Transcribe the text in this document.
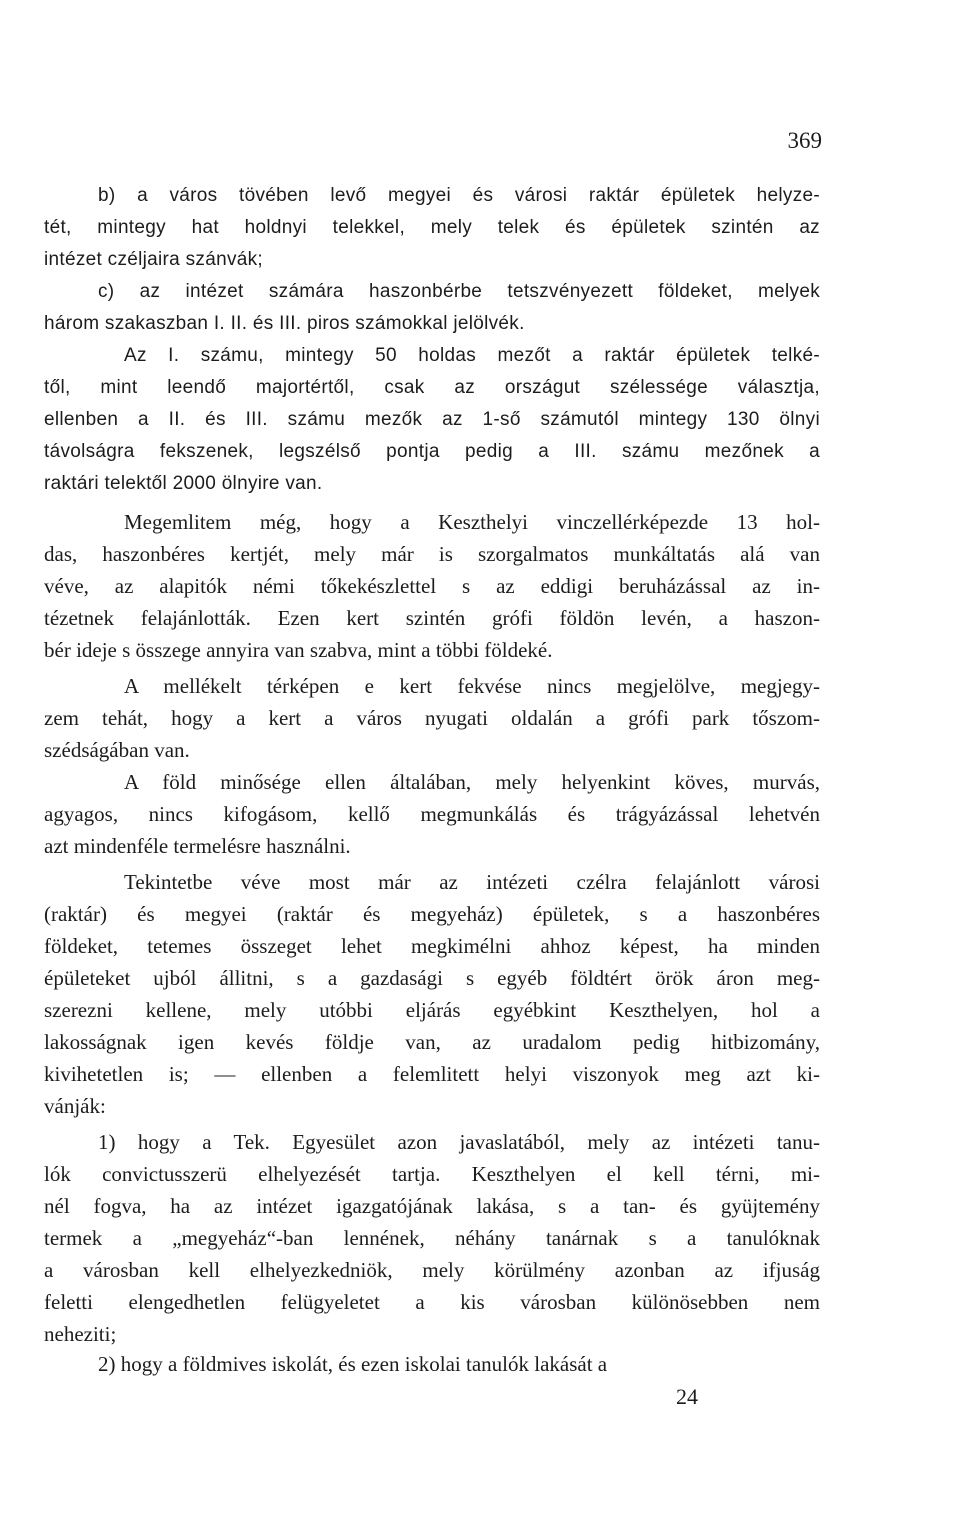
369
b) a város tövében levő megyei és városi raktár épületek helyze-
tét, mintegy hat holdnyi telekkel, mely telek és épületek szintén az
intézet czéljaira szánvák;
c) az intézet számára haszonbérbe tetszvényezett földeket, melyek
három szakaszban I. II. és III. piros számokkal jelölvék.
Az I. számu, mintegy 50 holdas mezőt a raktár épületek telké-
től, mint leendő majortértől, csak az országut szélessége választja,
ellenben a II. és III. számu mezők az 1-ső számutól mintegy 130 ölnyi
távolságra fekszenek, legszélső pontja pedig a III. számu mezőnek a
raktári telektől 2000 ölnyire van.
Megemlitem még, hogy a Keszthelyi vinczellérképezde 13 hol-
das, haszonbéres kertjét, mely már is szorgalmatos munkáltatás alá van
véve, az alapitók némi tőkekészlettel s az eddigi beruházással az in-
tézetnek felajánlották. Ezen kert szintén grófi földön levén, a haszon-
bér ideje s összege annyira van szabva, mint a többi földeké.
A mellékelt térképen e kert fekvése nincs megjelölve, megjegy-
zem tehát, hogy a kert a város nyugati oldalán a grófi park tőszom-
szédságában van.
A föld minősége ellen általában, mely helyenkint köves, murvás,
agyagos, nincs kifogásom, kellő megmunkálás és trágyázással lehetvén
azt mindenféle termelésre használni.
Tekintetbe véve most már az intézeti czélra felajánlott városi
(raktár) és megyei (raktár és megyeház) épületek, s a haszonbéres
földeket, tetemes összeget lehet megkimélni ahhoz képest, ha minden
épületeket ujból állitni, s a gazdasági s egyéb földtért örök áron meg-
szerezni kellene, mely utóbbi eljárás egyébkint Keszthelyen, hol a
lakosságnak igen kevés földje van, az uradalom pedig hitbizomány,
kivihetetlen is; — ellenben a felemlitett helyi viszonyok meg azt ki-
vánják:
1) hogy a Tek. Egyesület azon javaslatából, mely az intézeti tanu-
lók convictusszerü elhelyezését tartja. Keszthelyen el kell térni, mi-
nél fogva, ha az intézet igazgatójának lakása, s a tan- és gyüjtemény
termek a „megyeház“-ban lennének, néhány tanárnak s a tanulóknak
a városban kell elhelyezkedniök, mely körülmény azonban az ifjuság
feletti elengedhetlen felügyeletet a kis városban különösebben nem
neheziti;
2) hogy a földmives iskolát, és ezen iskolai tanulók lakását a
24
